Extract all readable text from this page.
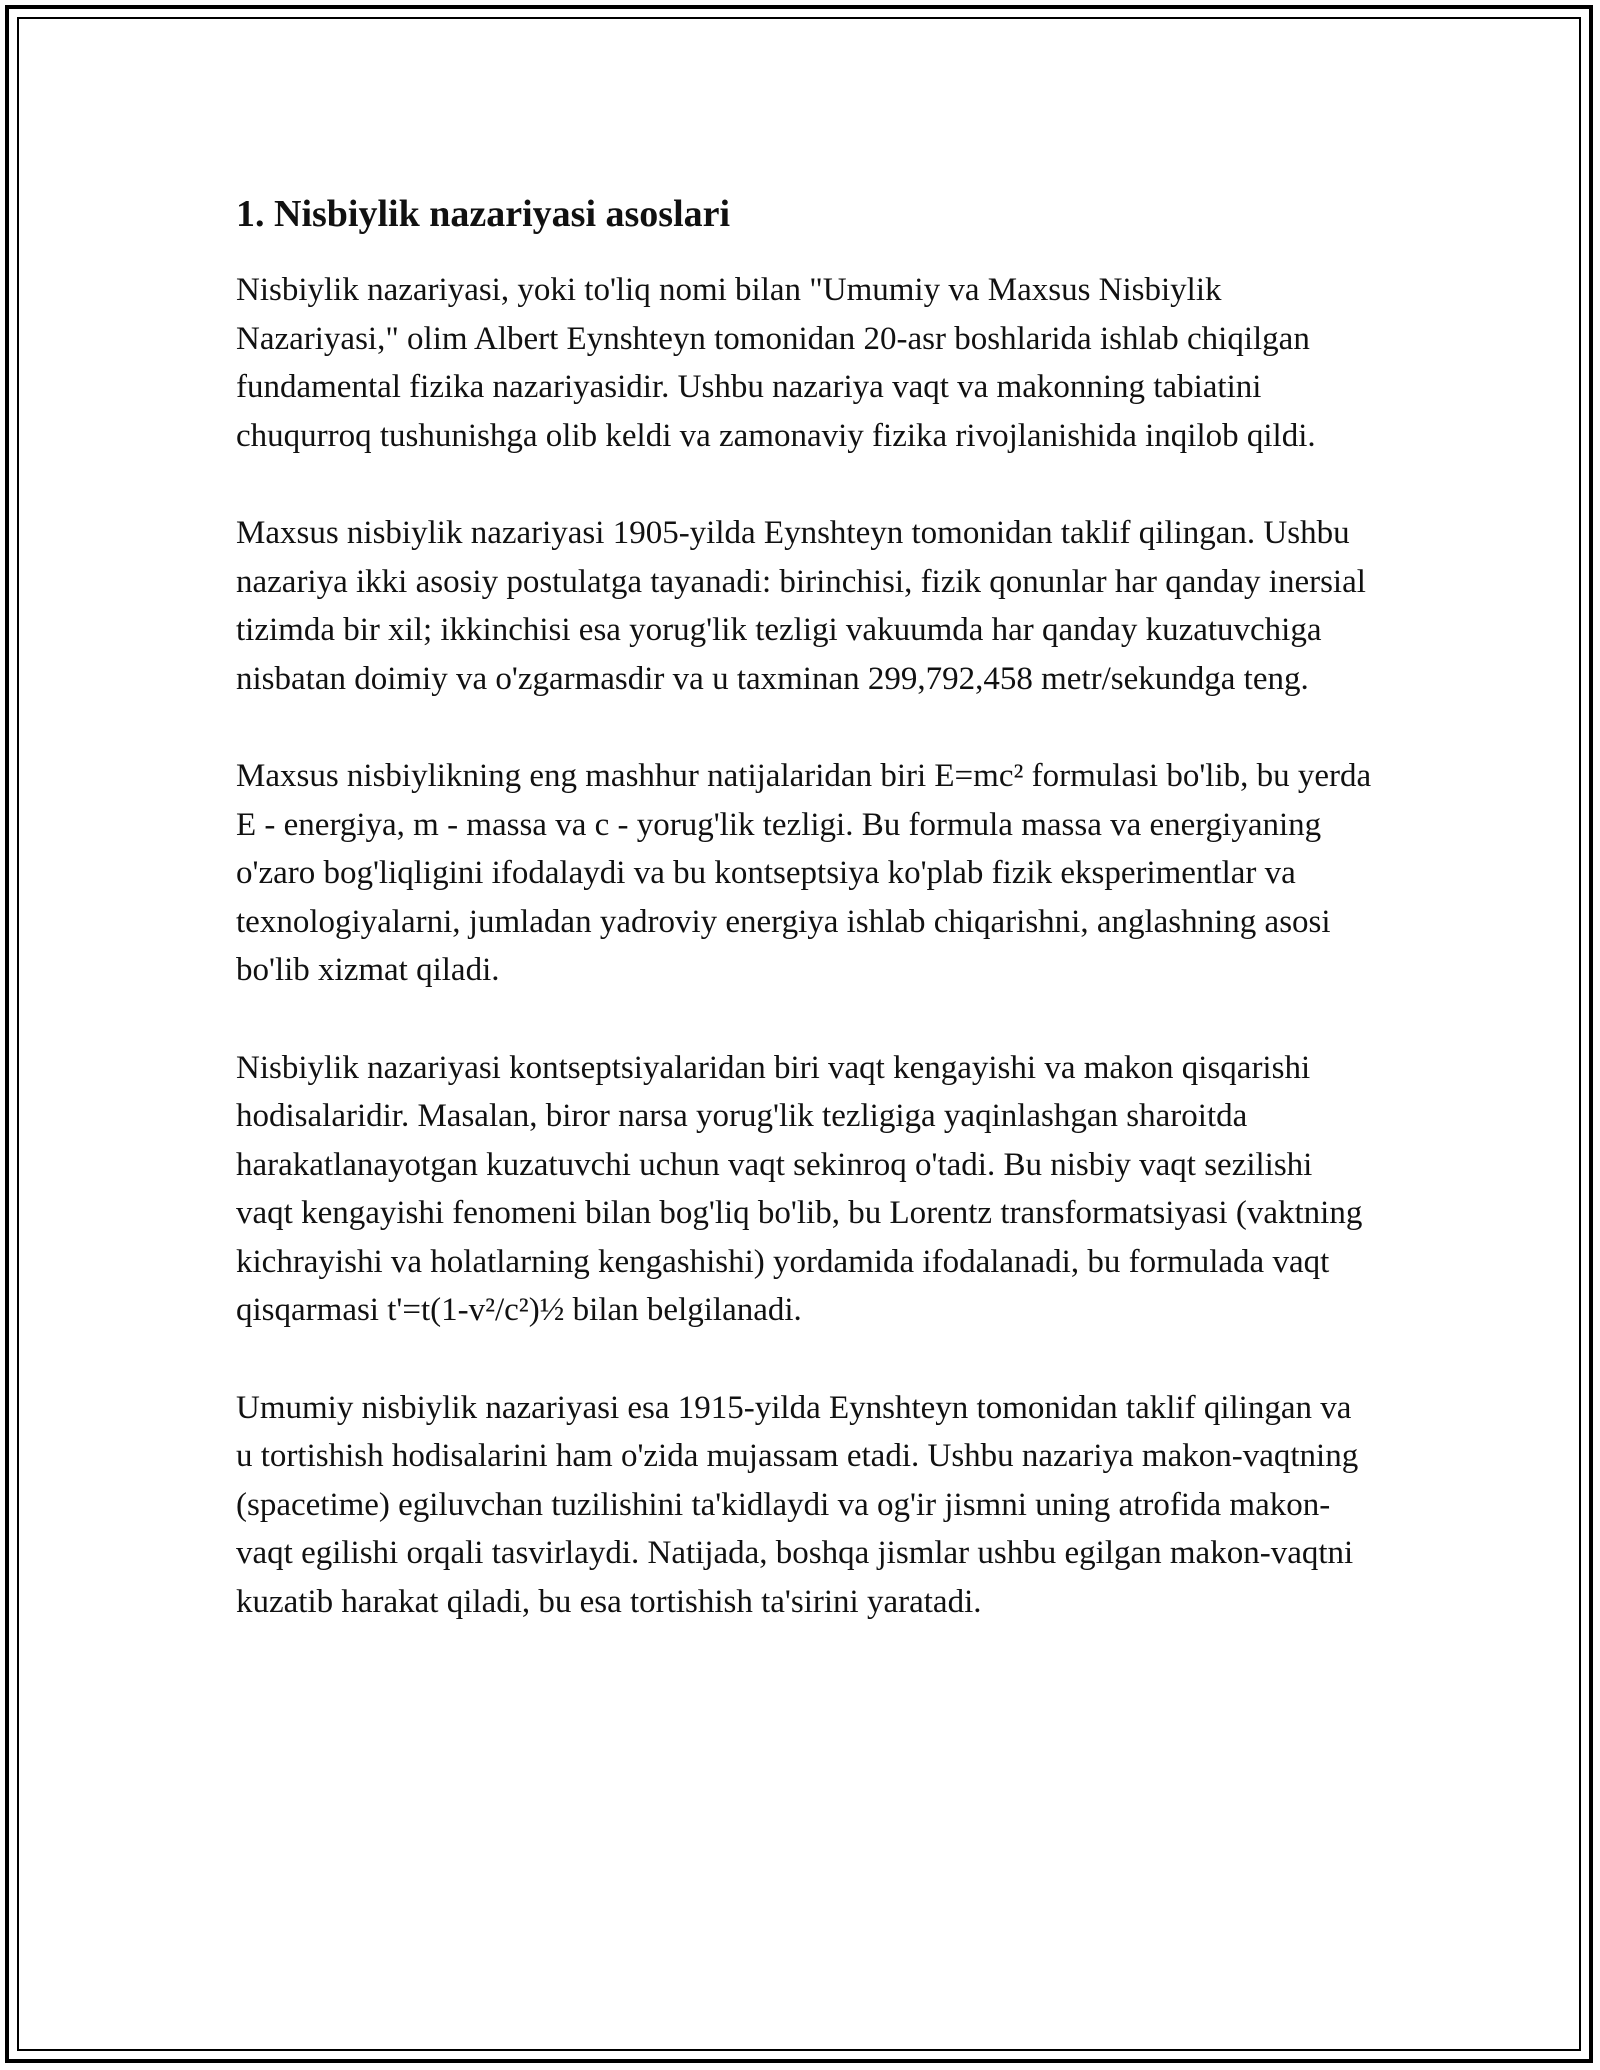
1. Nisbiylik nazariyasi asoslari

Nisbiylik nazariyasi, yoki to'liq nomi bilan "Umumiy va Maxsus Nisbiylik Nazariyasi," olim Albert Eynshteyn tomonidan 20-asr boshlarida ishlab chiqilgan fundamental fizika nazariyasidir. Ushbu nazariya vaqt va makonning tabiatini chuqurroq tushunishga olib keldi va zamonaviy fizika rivojlanishida inqilob qildi.

Maxsus nisbiylik nazariyasi 1905-yilda Eynshteyn tomonidan taklif qilingan. Ushbu nazariya ikki asosiy postulatga tayanadi: birinchisi, fizik qonunlar har qanday inersial tizimda bir xil; ikkinchisi esa yorug'lik tezligi vakuumda har qanday kuzatuvchiga nisbatan doimiy va o'zgarmasdir va u taxminan 299,792,458 metr/sekundga teng.

Maxsus nisbiylikning eng mashhur natijalaridan biri E=mc² formulasi bo'lib, bu yerda E - energiya, m - massa va c - yorug'lik tezligi. Bu formula massa va energiyaning o'zaro bog'liqligini ifodalaydi va bu kontseptsiya ko'plab fizik eksperimentlar va texnologiyalarni, jumladan yadroviy energiya ishlab chiqarishni, anglashning asosi bo'lib xizmat qiladi.

Nisbiylik nazariyasi kontseptsiyalaridan biri vaqt kengayishi va makon qisqarishi hodisalaridir. Masalan, biror narsa yorug'lik tezligiga yaqinlashgan sharoitda harakatlanayotgan kuzatuvchi uchun vaqt sekinroq o'tadi. Bu nisbiy vaqt sezilishi vaqt kengayishi fenomeni bilan bog'liq bo'lib, bu Lorentz transformatsiyasi (vaktning kichrayishi va holatlarning kengashishi) yordamida ifodalanadi, bu formulada vaqt qisqarmasi t'=t(1-v²/c²)½ bilan belgilanadi.

Umumiy nisbiylik nazariyasi esa 1915-yilda Eynshteyn tomonidan taklif qilingan va u tortishish hodisalarini ham o'zida mujassam etadi. Ushbu nazariya makon-vaqtning (spacetime) egiluvchan tuzilishini ta'kidlaydi va og'ir jismni uning atrofida makon-vaqt egilishi orqali tasvirlaydi. Natijada, boshqa jismlar ushbu egilgan makon-vaqtni kuzatib harakat qiladi, bu esa tortishish ta'sirini yaratadi.
